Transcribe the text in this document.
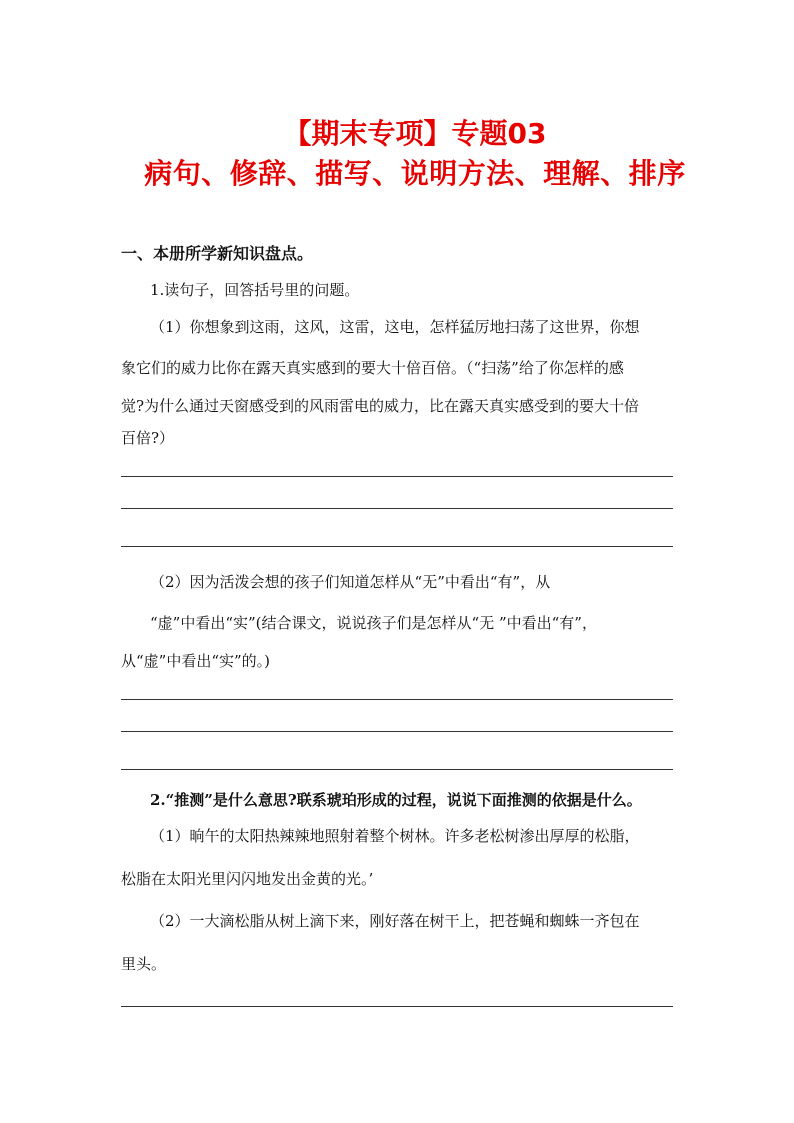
【期末专项】专题03
病句、修辞、描写、说明方法、理解、排序
一、本册所学新知识盘点。
1.读句子，回答括号里的问题。
（1）你想象到这雨，这风，这雷，这电，怎样猛厉地扫荡了这世界，你想
象它们的威力比你在露天真实感到的要大十倍百倍。（“扫荡”给了你怎样的感
觉?为什么通过天窗感受到的风雨雷电的威力，比在露天真实感受到的要大十倍
百倍?）
（2）因为活泼会想的孩子们知道怎样从“无”中看出“有”，从
“虚”中看出“实”(结合课文，说说孩子们是怎样从“无 ”中看出“有”，
从“虚”中看出“实”的。)
2.“推测”是什么意思?联系琥珀形成的过程，说说下面推测的依据是什么。
（1）晌午的太阳热辣辣地照射着整个树林。许多老松树渗出厚厚的松脂，
松脂在太阳光里闪闪地发出金黄的光。’
（2）一大滴松脂从树上滴下来，刚好落在树干上，把苍蝇和蜘蛛一齐包在
里头。
